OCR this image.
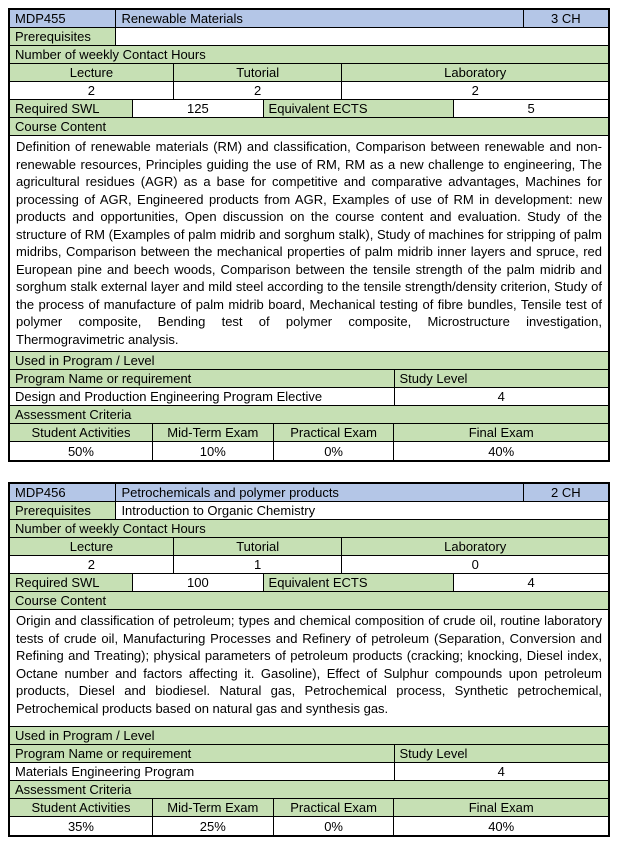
MDP455	Renewable Materials	3 CH
Prerequisites
Number of weekly Contact Hours
Lecture	Tutorial	Laboratory
2	2	2
Required SWL	125	Equivalent ECTS	5
Course Content
Definition of renewable materials (RM) and classification, Comparison between renewable and non-renewable resources, Principles guiding the use of RM, RM as a new challenge to engineering, The agricultural residues (AGR) as a base for competitive and comparative advantages, Machines for processing of AGR, Engineered products from AGR, Examples of use of RM in development: new products and opportunities, Open discussion on the course content and evaluation. Study of the structure of RM (Examples of palm midrib and sorghum stalk), Study of machines for stripping of palm midribs, Comparison between the mechanical properties of palm midrib inner layers and spruce, red European pine and beech woods, Comparison between the tensile strength of the palm midrib and sorghum stalk external layer and mild steel according to the tensile strength/density criterion, Study of the process of manufacture of palm midrib board, Mechanical testing of fibre bundles, Tensile test of polymer composite, Bending test of polymer composite, Microstructure investigation, Thermogravimetric analysis.
Used in Program / Level
Program Name or requirement	Study Level
Design and Production Engineering Program Elective	4
Assessment Criteria
Student Activities	Mid-Term Exam	Practical Exam	Final Exam
50%	10%	0%	40%
MDP456	Petrochemicals and polymer products	2 CH
Prerequisites	Introduction to Organic Chemistry
Number of weekly Contact Hours
Lecture	Tutorial	Laboratory
2	1	0
Required SWL	100	Equivalent ECTS	4
Course Content
Origin and classification of petroleum; types and chemical composition of crude oil, routine laboratory tests of crude oil, Manufacturing Processes and Refinery of petroleum (Separation, Conversion and Refining and Treating); physical parameters of petroleum products (cracking; knocking, Diesel index, Octane number and factors affecting it. Gasoline), Effect of Sulphur compounds upon petroleum products, Diesel and biodiesel. Natural gas, Petrochemical process, Synthetic petrochemical, Petrochemical products based on natural gas and synthesis gas.
Used in Program / Level
Program Name or requirement	Study Level
Materials Engineering Program	4
Assessment Criteria
Student Activities	Mid-Term Exam	Practical Exam	Final Exam
35%	25%	0%	40%
